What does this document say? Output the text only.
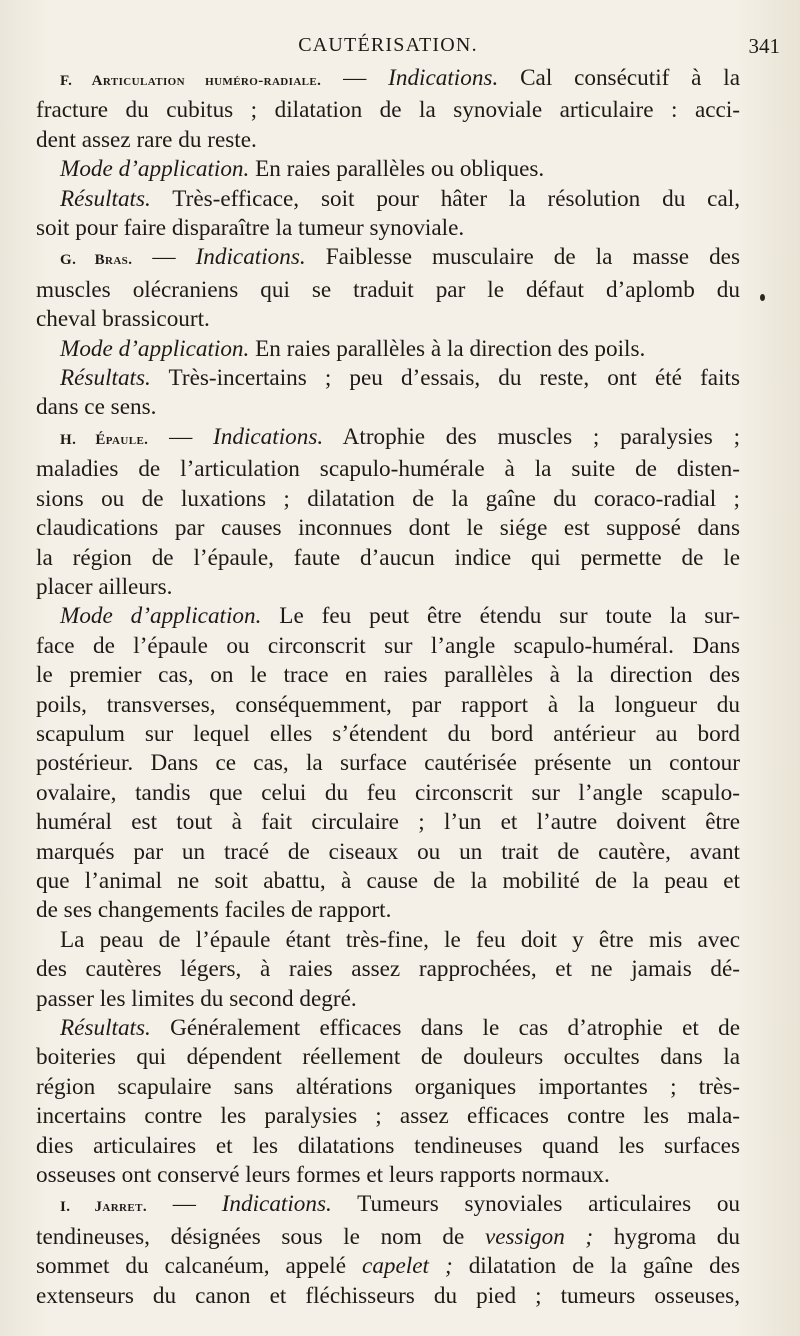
CAUTÉRISATION.	341
F. Articulation huméro-radiale. — Indications. Cal consécutif à la
fracture du cubitus ; dilatation de la synoviale articulaire : acci-
dent assez rare du reste.
Mode d’application. En raies parallèles ou obliques.
Résultats. Très-efficace, soit pour hâter la résolution du cal,
soit pour faire disparaître la tumeur synoviale.
G. Bras. — Indications. Faiblesse musculaire de la masse des
muscles olécraniens qui se traduit par le défaut d’aplomb du
cheval brassicourt.
Mode d’application. En raies parallèles à la direction des poils.
Résultats. Très-incertains ; peu d’essais, du reste, ont été faits
dans ce sens.
H. Épaule. — Indications. Atrophie des muscles ; paralysies ;
maladies de l’articulation scapulo-humérale à la suite de disten-
sions ou de luxations ; dilatation de la gaîne du coraco-radial ;
claudications par causes inconnues dont le siége est supposé dans
la région de l’épaule, faute d’aucun indice qui permette de le
placer ailleurs.
Mode d’application. Le feu peut être étendu sur toute la sur-
face de l’épaule ou circonscrit sur l’angle scapulo-huméral. Dans
le premier cas, on le trace en raies parallèles à la direction des
poils, transverses, conséquemment, par rapport à la longueur du
scapulum sur lequel elles s’étendent du bord antérieur au bord
postérieur. Dans ce cas, la surface cautérisée présente un contour
ovalaire, tandis que celui du feu circonscrit sur l’angle scapulo-
huméral est tout à fait circulaire ; l’un et l’autre doivent être
marqués par un tracé de ciseaux ou un trait de cautère, avant
que l’animal ne soit abattu, à cause de la mobilité de la peau et
de ses changements faciles de rapport.
La peau de l’épaule étant très-fine, le feu doit y être mis avec
des cautères légers, à raies assez rapprochées, et ne jamais dé-
passer les limites du second degré.
Résultats. Généralement efficaces dans le cas d’atrophie et de
boiteries qui dépendent réellement de douleurs occultes dans la
région scapulaire sans altérations organiques importantes ; très-
incertains contre les paralysies ; assez efficaces contre les mala-
dies articulaires et les dilatations tendineuses quand les surfaces
osseuses ont conservé leurs formes et leurs rapports normaux.
I. Jarret. — Indications. Tumeurs synoviales articulaires ou
tendineuses, désignées sous le nom de vessigon ; hygroma du
sommet du calcanéum, appelé capelet ; dilatation de la gaîne des
extenseurs du canon et fléchisseurs du pied ; tumeurs osseuses,
